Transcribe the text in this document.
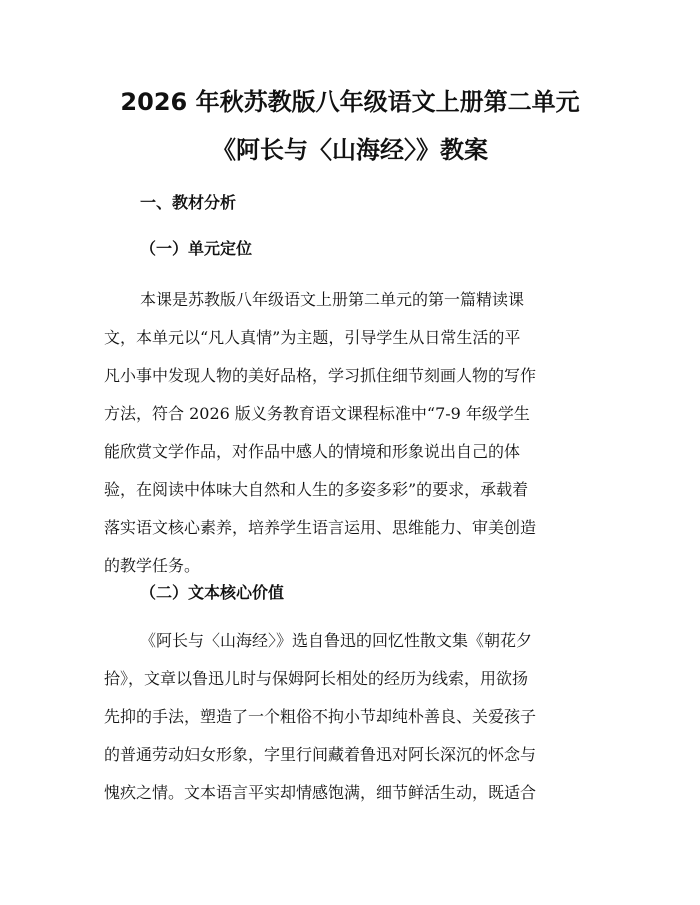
2026 年秋苏教版八年级语文上册第二单元
《阿长与〈山海经〉》教案
一、教材分析
（一）单元定位
本课是苏教版八年级语文上册第二单元的第一篇精读课
文，本单元以“凡人真情”为主题，引导学生从日常生活的平
凡小事中发现人物的美好品格，学习抓住细节刻画人物的写作
方法，符合 2026 版义务教育语文课程标准中“7-9 年级学生
能欣赏文学作品，对作品中感人的情境和形象说出自己的体
验，在阅读中体味大自然和人生的多姿多彩”的要求，承载着
落实语文核心素养，培养学生语言运用、思维能力、审美创造
的教学任务。
（二）文本核心价值
《阿长与〈山海经〉》选自鲁迅的回忆性散文集《朝花夕
拾》，文章以鲁迅儿时与保姆阿长相处的经历为线索，用欲扬
先抑的手法，塑造了一个粗俗不拘小节却纯朴善良、关爱孩子
的普通劳动妇女形象，字里行间藏着鲁迅对阿长深沉的怀念与
愧疚之情。文本语言平实却情感饱满，细节鲜活生动，既适合
